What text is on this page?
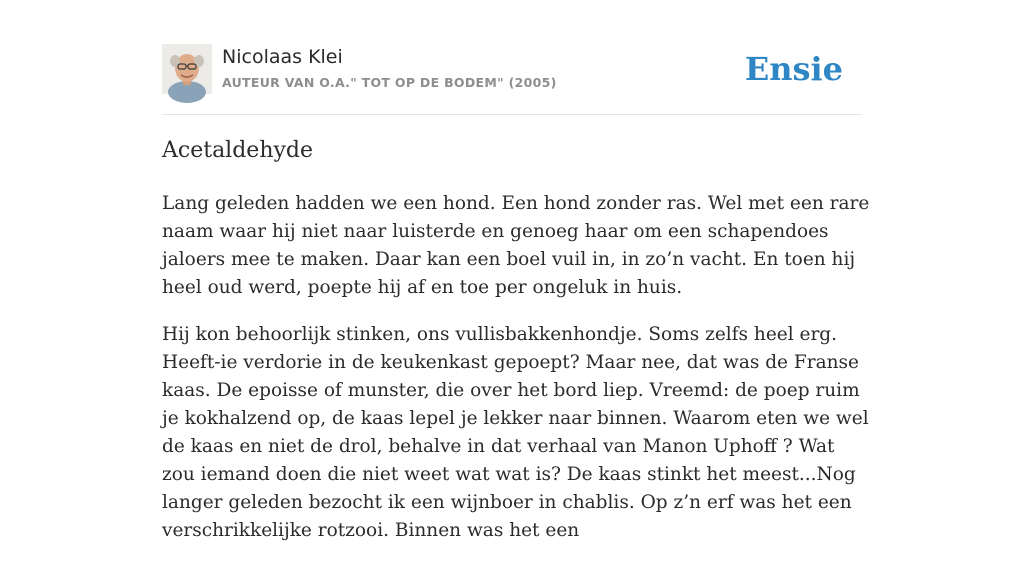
Nicolaas Klei
AUTEUR VAN O.A." TOT OP DE BODEM" (2005)	Ensie
Acetaldehyde

Lang geleden hadden we een hond. Een hond zonder ras. Wel met een rare naam waar hij niet naar luisterde en genoeg haar om een schapendoes jaloers mee te maken. Daar kan een boel vuil in, in zo’n vacht. En toen hij heel oud werd, poepte hij af en toe per ongeluk in huis.

Hij kon behoorlijk stinken, ons vullisbakkenhondje. Soms zelfs heel erg. Heeft-ie verdorie in de keukenkast gepoept? Maar nee, dat was de Franse kaas. De epoisse of munster, die over het bord liep. Vreemd: de poep ruim je kokhalzend op, de kaas lepel je lekker naar binnen. Waarom eten we wel de kaas en niet de drol, behalve in dat verhaal van Manon Uphoff ? Wat zou iemand doen die niet weet wat wat is? De kaas stinkt het meest...Nog langer geleden bezocht ik een wijnboer in chablis. Op z’n erf was het een verschrikkelijke rotzooi. Binnen was het een
